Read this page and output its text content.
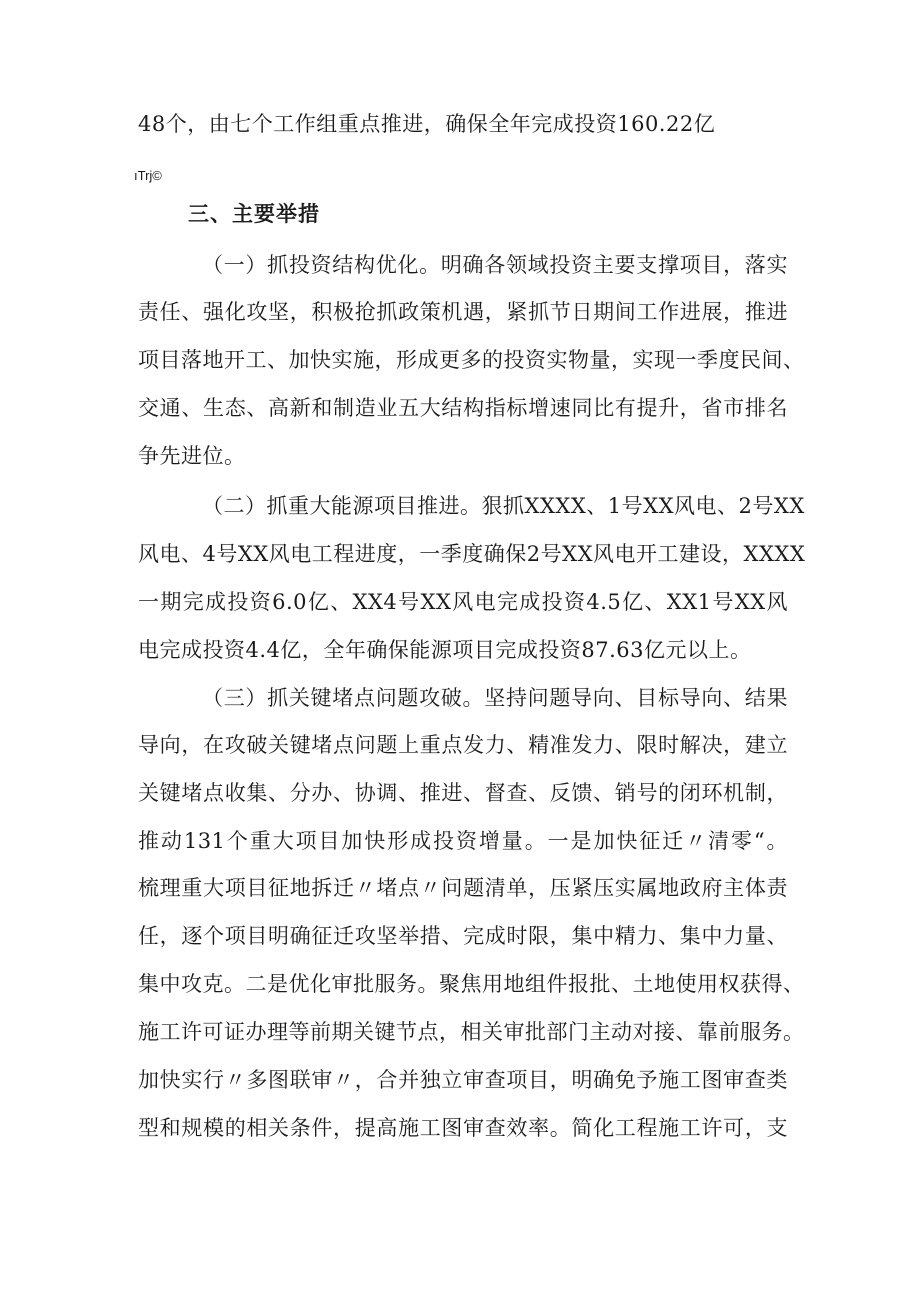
48个，由七个工作组重点推进，确保全年完成投资160.22亿
ıTrj©
三、主要举措
（一）抓投资结构优化。明确各领域投资主要支撑项目，落实
责任、强化攻坚，积极抢抓政策机遇，紧抓节日期间工作进展，推进
项目落地开工、加快实施，形成更多的投资实物量，实现一季度民间、
交通、生态、高新和制造业五大结构指标增速同比有提升，省市排名
争先进位。
（二）抓重大能源项目推进。狠抓XXXX、1号XX风电、2号XX
风电、4号XX风电工程进度，一季度确保2号XX风电开工建设，XXXX
一期完成投资6.0亿、XX4号XX风电完成投资4.5亿、XX1号XX风
电完成投资4.4亿，全年确保能源项目完成投资87.63亿元以上。
（三）抓关键堵点问题攻破。坚持问题导向、目标导向、结果
导向，在攻破关键堵点问题上重点发力、精准发力、限时解决，建立
关键堵点收集、分办、协调、推进、督查、反馈、销号的闭环机制，
推动131个重大项目加快形成投资增量。一是加快征迁〃清零“。
梳理重大项目征地拆迁〃堵点〃问题清单，压紧压实属地政府主体责
任，逐个项目明确征迁攻坚举措、完成时限，集中精力、集中力量、
集中攻克。二是优化审批服务。聚焦用地组件报批、土地使用权获得、
施工许可证办理等前期关键节点，相关审批部门主动对接、靠前服务。
加快实行〃多图联审〃，合并独立审查项目，明确免予施工图审查类
型和规模的相关条件，提高施工图审查效率。简化工程施工许可，支
